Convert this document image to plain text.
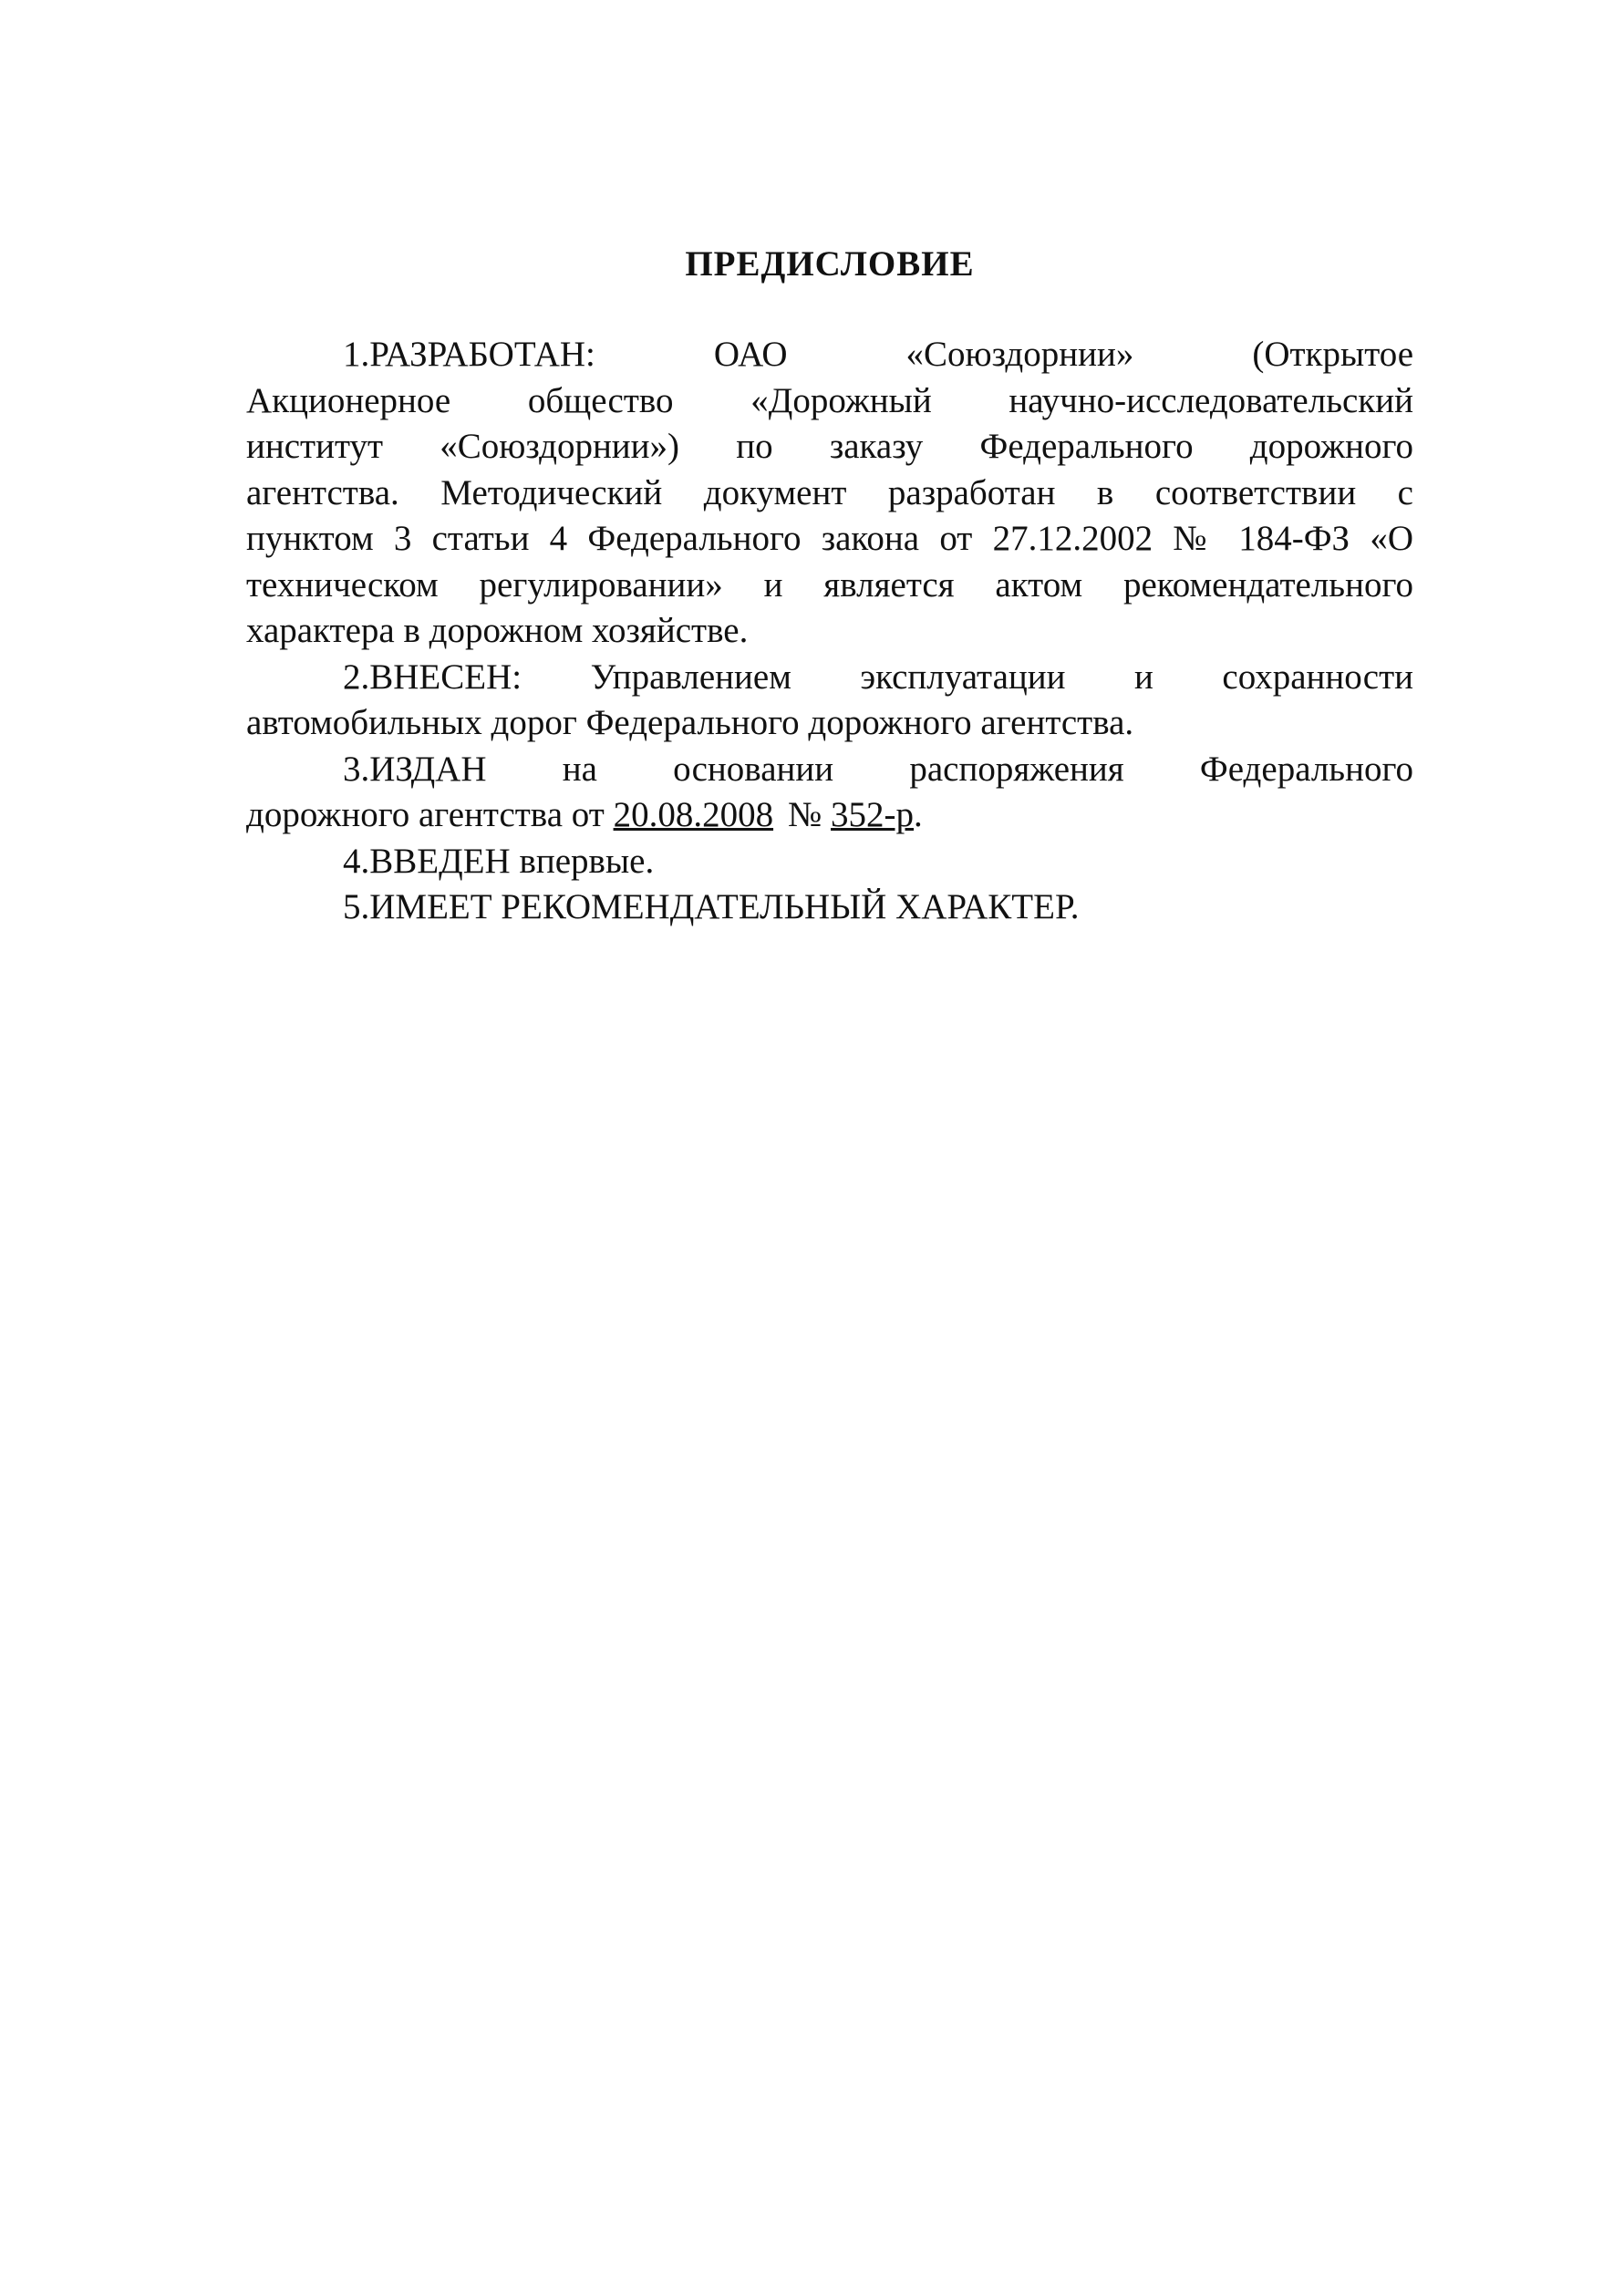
ПРЕДИСЛОВИЕ
1.РАЗРАБОТАН:	ОАО	«Союздорнии»	(Открытое
Акционерное общество «Дорожный научно-исследовательский
институт «Союздорнии») по заказу Федерального дорожного
агентства. Методический документ разработан в соответствии с
пунктом 3 статьи 4 Федерального закона от 27.12.2002 № 184-ФЗ «О
техническом регулировании» и является актом рекомендательного
характера в дорожном хозяйстве.
2.ВНЕСЕН: Управлением эксплуатации и сохранности
автомобильных дорог Федерального дорожного агентства.
3.ИЗДАН на основании распоряжения Федерального
дорожного агентства от 20.08.2008 № 352-р.
4.ВВЕДЕН впервые.
5.ИМЕЕТ РЕКОМЕНДАТЕЛЬНЫЙ ХАРАКТЕР.
